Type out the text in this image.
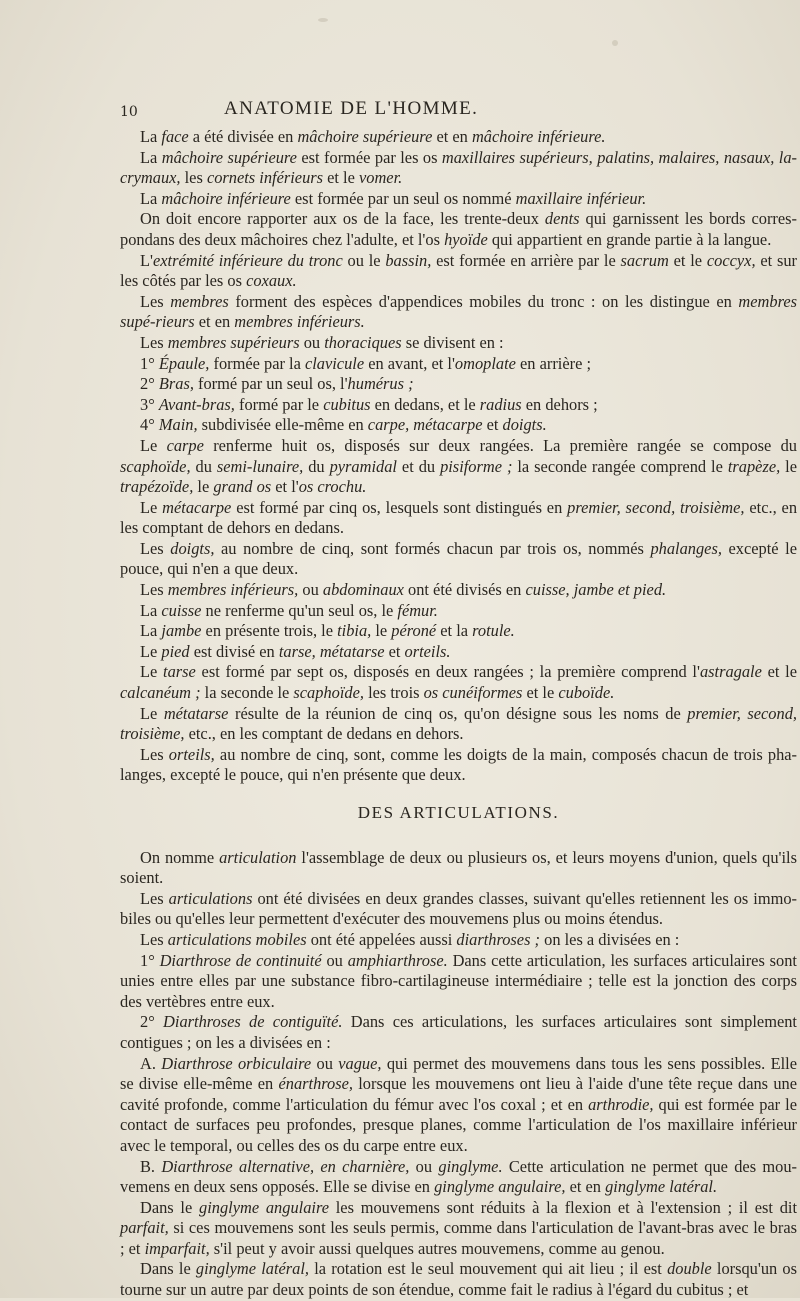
10	ANATOMIE DE L'HOMME.

La face a été divisée en mâchoire supérieure et en mâchoire inférieure.

La mâchoire supérieure est formée par les os maxillaires supérieurs, palatins, malaires, nasaux, la-crymaux, les cornets inférieurs et le vomer.

La mâchoire inférieure est formée par un seul os nommé maxillaire inférieur.

On doit encore rapporter aux os de la face, les trente-deux dents qui garnissent les bords corres-pondans des deux mâchoires chez l'adulte, et l'os hyoïde qui appartient en grande partie à la langue.

L'extrémité inférieure du tronc ou le bassin, est formée en arrière par le sacrum et le coccyx, et sur les côtés par les os coxaux.

Les membres forment des espèces d'appendices mobiles du tronc : on les distingue en membres supé-rieurs et en membres inférieurs.

Les membres supérieurs ou thoraciques se divisent en :

1° Épaule, formée par la clavicule en avant, et l'omoplate en arrière ;

2° Bras, formé par un seul os, l'humérus ;

3° Avant-bras, formé par le cubitus en dedans, et le radius en dehors ;

4° Main, subdivisée elle-même en carpe, métacarpe et doigts.

Le carpe renferme huit os, disposés sur deux rangées. La première rangée se compose du scaphoïde, du semi-lunaire, du pyramidal et du pisiforme ; la seconde rangée comprend le trapèze, le trapézoïde, le grand os et l'os crochu.

Le métacarpe est formé par cinq os, lesquels sont distingués en premier, second, troisième, etc., en les comptant de dehors en dedans.

Les doigts, au nombre de cinq, sont formés chacun par trois os, nommés phalanges, excepté le pouce, qui n'en a que deux.

Les membres inférieurs, ou abdominaux ont été divisés en cuisse, jambe et pied.

La cuisse ne renferme qu'un seul os, le fémur.

La jambe en présente trois, le tibia, le péroné et la rotule.

Le pied est divisé en tarse, métatarse et orteils.

Le tarse est formé par sept os, disposés en deux rangées ; la première comprend l'astragale et le calcanéum ; la seconde le scaphoïde, les trois os cunéiformes et le cuboïde.

Le métatarse résulte de la réunion de cinq os, qu'on désigne sous les noms de premier, second, troisième, etc., en les comptant de dedans en dehors.

Les orteils, au nombre de cinq, sont, comme les doigts de la main, composés chacun de trois pha-langes, excepté le pouce, qui n'en présente que deux.

DES ARTICULATIONS.

On nomme articulation l'assemblage de deux ou plusieurs os, et leurs moyens d'union, quels qu'ils soient.

Les articulations ont été divisées en deux grandes classes, suivant qu'elles retiennent les os immo-biles ou qu'elles leur permettent d'exécuter des mouvemens plus ou moins étendus.

Les articulations mobiles ont été appelées aussi diarthroses ; on les a divisées en :

1° Diarthrose de continuité ou amphiarthrose. Dans cette articulation, les surfaces articulaires sont unies entre elles par une substance fibro-cartilagineuse intermédiaire ; telle est la jonction des corps des vertèbres entre eux.

2° Diarthroses de contiguïté. Dans ces articulations, les surfaces articulaires sont simplement contigues ; on les a divisées en :

A. Diarthrose orbiculaire ou vague, qui permet des mouvemens dans tous les sens possibles. Elle se divise elle-même en énarthrose, lorsque les mouvemens ont lieu à l'aide d'une tête reçue dans une cavité profonde, comme l'articulation du fémur avec l'os coxal ; et en arthrodie, qui est formée par le contact de surfaces peu profondes, presque planes, comme l'articulation de l'os maxillaire inférieur avec le temporal, ou celles des os du carpe entre eux.

B. Diarthrose alternative, en charnière, ou ginglyme. Cette articulation ne permet que des mou-vemens en deux sens opposés. Elle se divise en ginglyme angulaire, et en ginglyme latéral.

Dans le ginglyme angulaire les mouvemens sont réduits à la flexion et à l'extension ; il est dit parfait, si ces mouvemens sont les seuls permis, comme dans l'articulation de l'avant-bras avec le bras ; et imparfait, s'il peut y avoir aussi quelques autres mouvemens, comme au genou.

Dans le ginglyme latéral, la rotation est le seul mouvement qui ait lieu ; il est double lorsqu'un os tourne sur un autre par deux points de son étendue, comme fait le radius à l'égard du cubitus ; et
